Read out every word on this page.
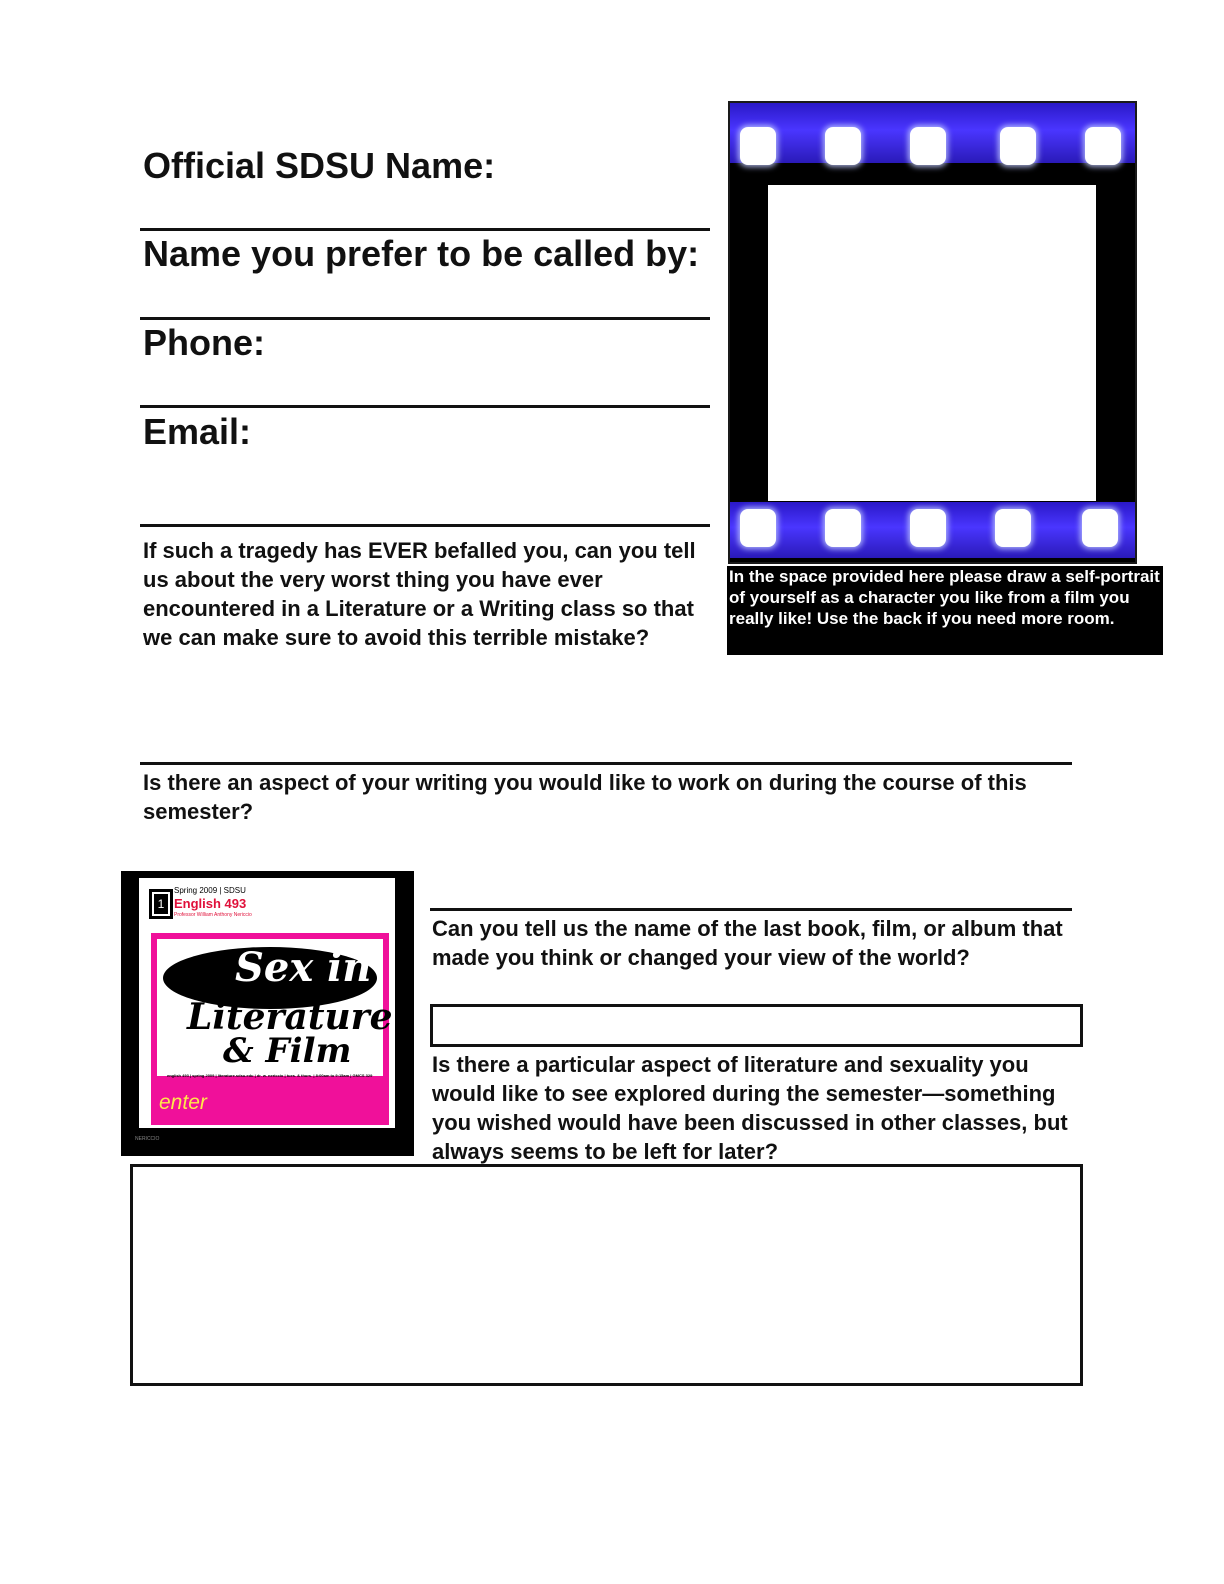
Official SDSU Name:
Name you prefer to be called by:
Phone:
Email:
If such a tragedy has EVER befalled you, can you tell us about the very worst thing you have ever encountered in a Literature or a Writing class so that we can make sure to avoid this terrible mistake?
In the space provided here please draw a self-portrait of yourself as a character you like from a film you really like! Use the back if you need more room.
Is there an aspect of your writing you would like to work on during the course of this semester?
1
Spring 2009 | SDSU
English 493
Professor William Anthony Nericcio
Sex in
Literature
& Film
english 493 | spring 2009 | literature.sdsu.edu | dr. w. nericcio | tues. & thurs. | 8:00am to 9:15am | GMCS 329
enter
NERICCIO
Can you tell us the name of the last book, film, or album that made you think or changed your view of the world?
Is there a particular aspect of literature and sexuality you would like to see explored during the semester—something you wished would have been discussed in other classes, but always seems to be left for later?
